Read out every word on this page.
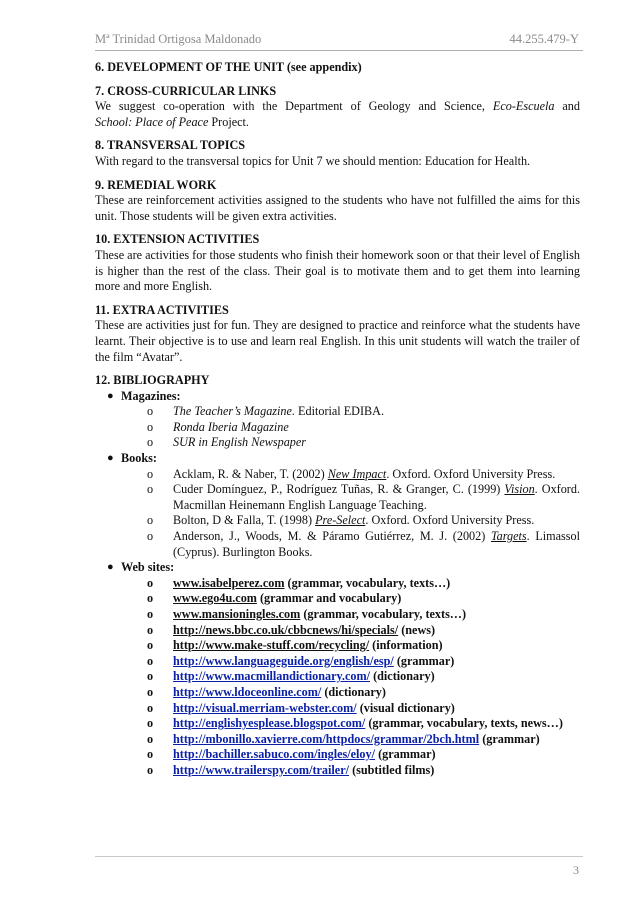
Mª Trinidad Ortigosa Maldonado	44.255.479-Y

6. DEVELOPMENT OF THE UNIT (see appendix)

7. CROSS-CURRICULAR LINKS

We suggest co-operation with the Department of Geology and Science, Eco-Escuela and

School: Place of Peace Project.

8. TRANSVERSAL TOPICS

With regard to the transversal topics for Unit 7 we should mention: Education for Health.

9. REMEDIAL WORK

These are reinforcement activities assigned to the students who have not fulfilled the aims for this unit. Those students will be given extra activities.

10. EXTENSION ACTIVITIES

These are activities for those students who finish their homework soon or that their level of English is higher than the rest of the class. Their goal is to motivate them and to get them into learning more and more English.

11. EXTRA ACTIVITIES

These are activities just for fun. They are designed to practice and reinforce what the students have learnt. Their objective is to use and learn real English. In this unit students will watch the trailer of the film “Avatar”.

12. BIBLIOGRAPHY

● Magazines:

o The Teacher’s Magazine. Editorial EDIBA.

o Ronda Iberia Magazine

o SUR in English Newspaper

● Books:

o Acklam, R. & Naber, T. (2002) New Impact. Oxford. Oxford University Press.

o Cuder Domínguez, P., Rodríguez Tuñas, R. & Granger, C. (1999) Vision. Oxford. Macmillan Heinemann English Language Teaching.

o Bolton, D & Falla, T. (1998) Pre-Select. Oxford. Oxford University Press.

o Anderson, J., Woods, M. & Páramo Gutiérrez, M. J. (2002) Targets. Limassol (Cyprus). Burlington Books.

● Web sites:

o www.isabelperez.com (grammar, vocabulary, texts…)

o www.ego4u.com (grammar and vocabulary)

o www.mansioningles.com (grammar, vocabulary, texts…)

o http://news.bbc.co.uk/cbbcnews/hi/specials/ (news)

o http://www.make-stuff.com/recycling/ (information)

o http://www.languageguide.org/english/esp/ (grammar)

o http://www.macmillandictionary.com/ (dictionary)

o http://www.ldoceonline.com/ (dictionary)

o http://visual.merriam-webster.com/ (visual dictionary)

o http://englishyesplease.blogspot.com/ (grammar, vocabulary, texts, news…)

o http://mbonillo.xavierre.com/httpdocs/grammar/2bch.html (grammar)

o http://bachiller.sabuco.com/ingles/eloy/ (grammar)

o http://www.trailerspy.com/trailer/ (subtitled films)

3
